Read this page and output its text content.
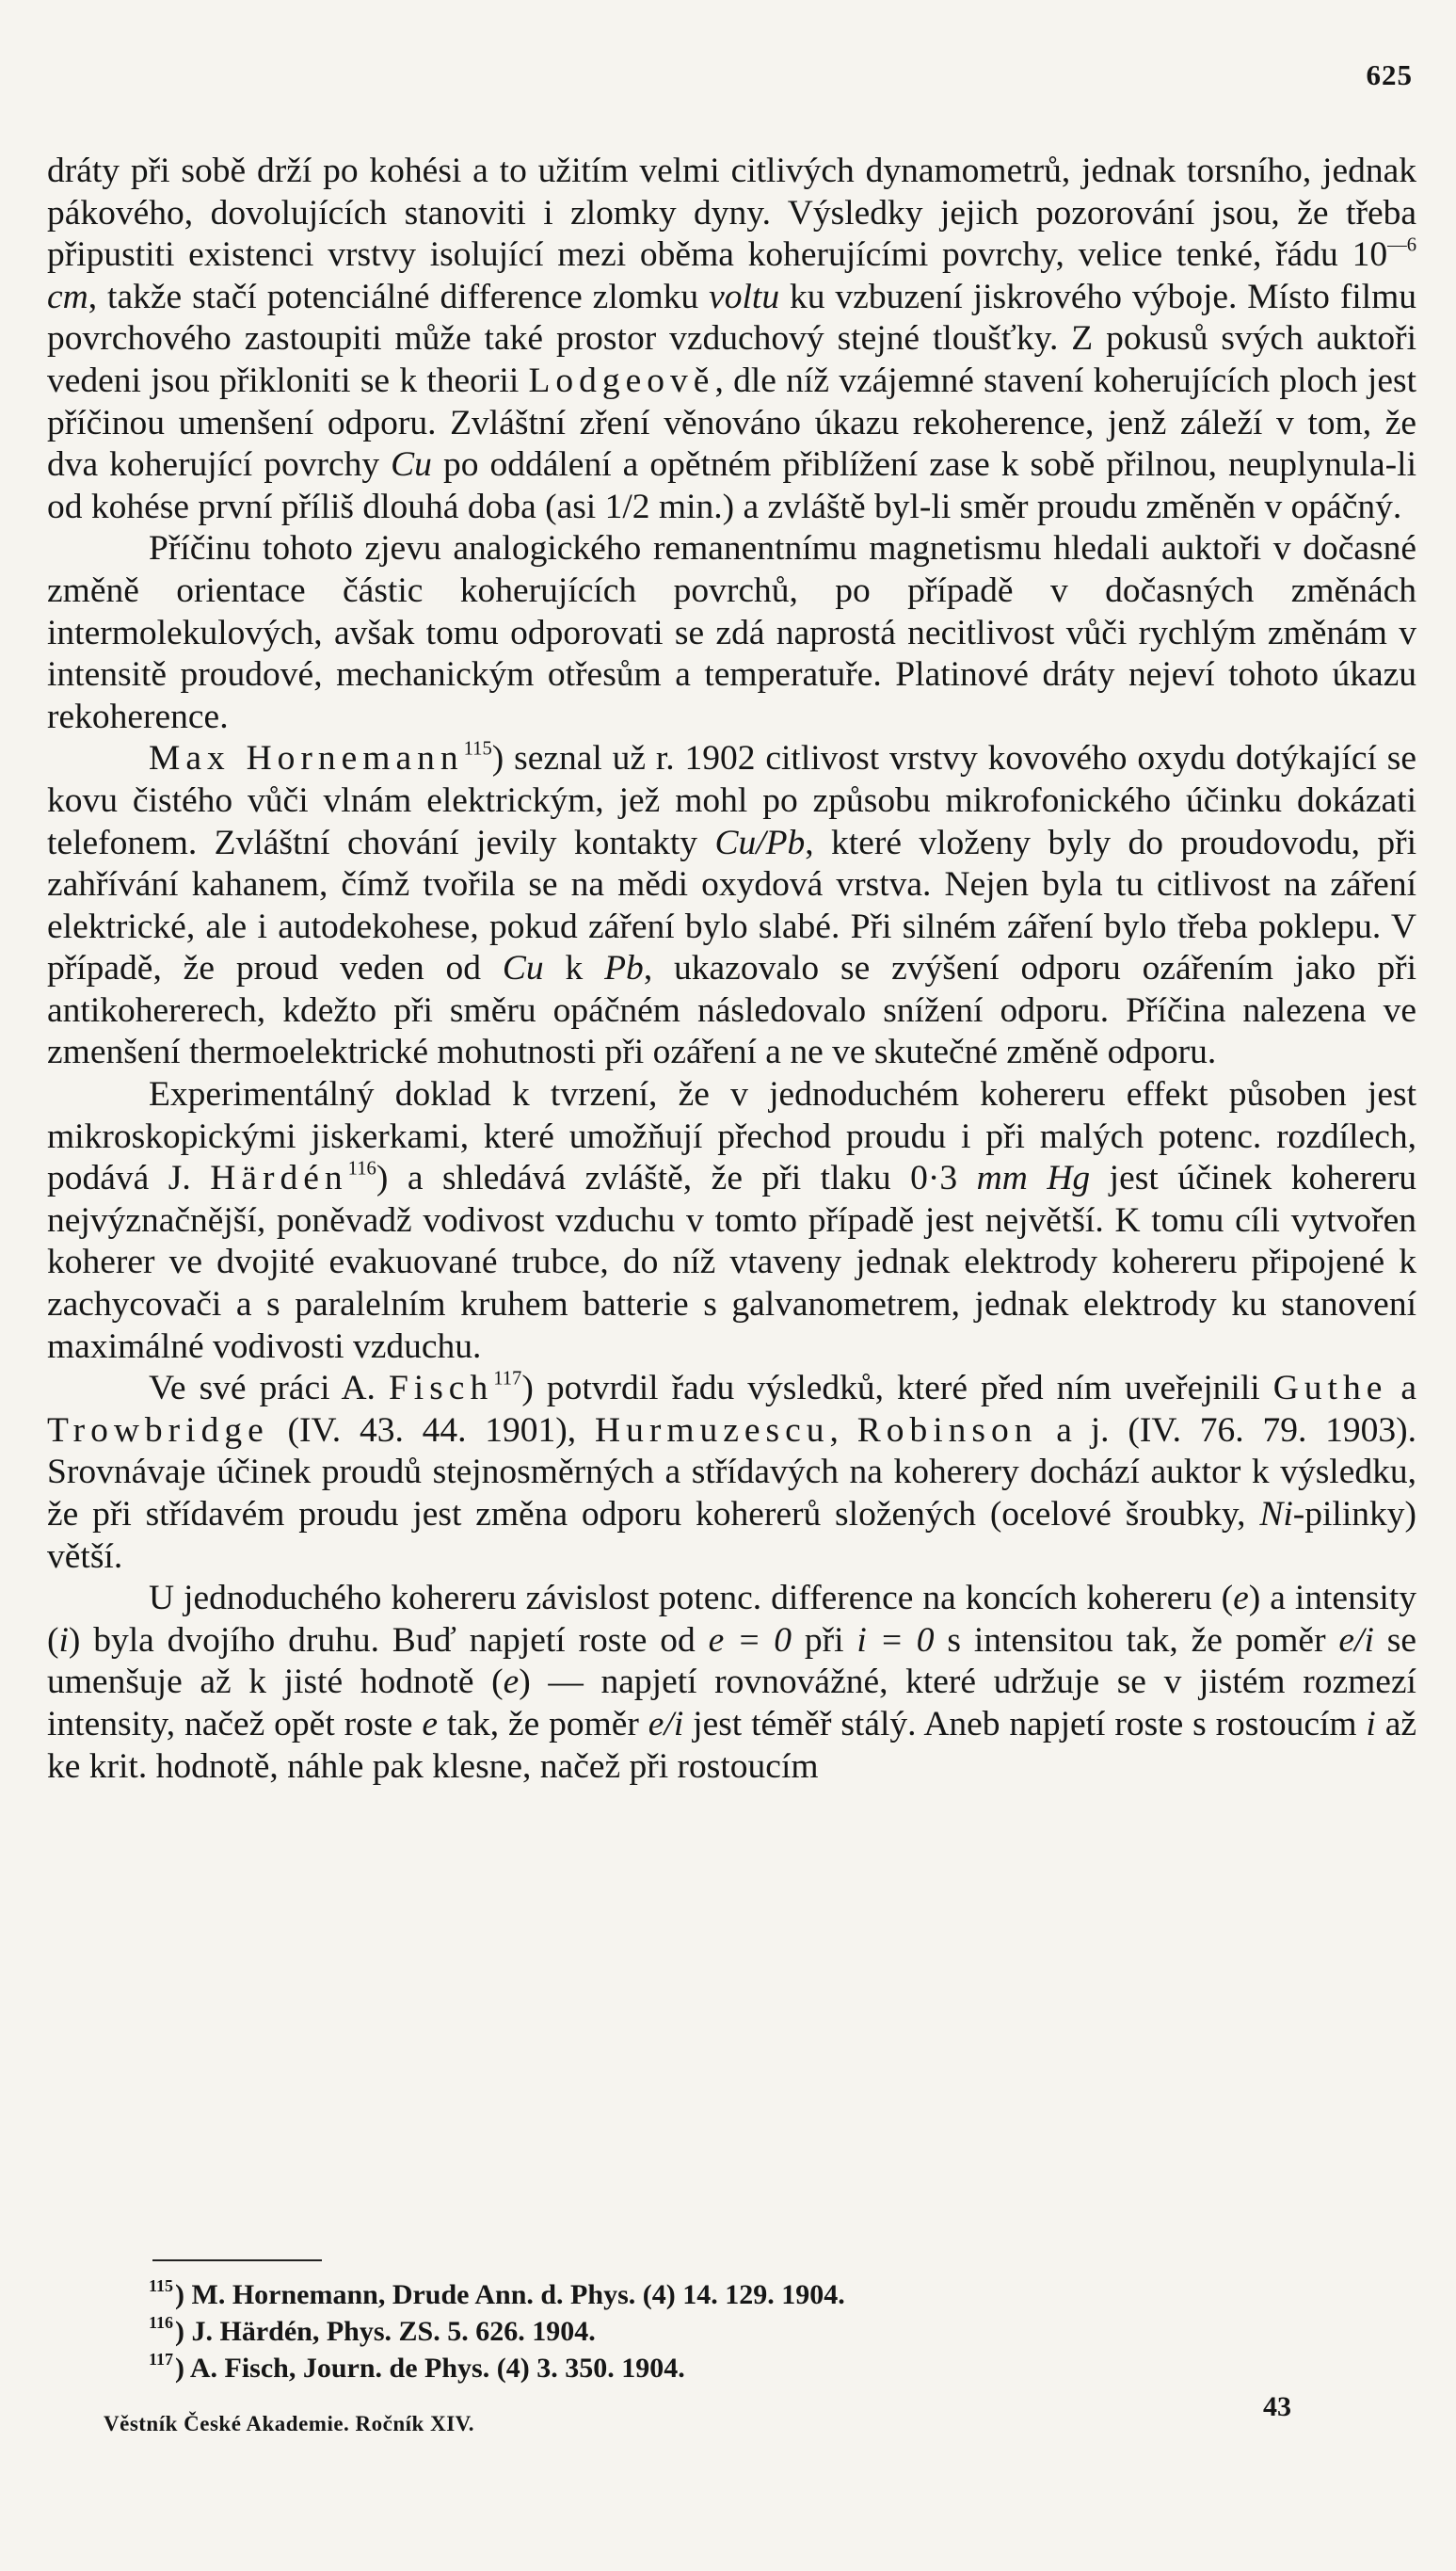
625

dráty při sobě drží po kohési a to užitím velmi citlivých dynamometrů, jednak torsního, jednak pákového, dovolujících stanoviti i zlomky dyny. Výsledky jejich pozorování jsou, že třeba připustiti existenci vrstvy isolující mezi oběma koherujícími povrchy, velice tenké, řádu 10$^{—6}$ cm, takže stačí potenciálné difference zlomku voltu ku vzbuzení jiskrového výboje. Místo filmu povrchového zastoupiti může také prostor vzduchový stejné tloušťky. Z pokusů svých auktoři vedeni jsou přikloniti se k theorii Lodgeově, dle níž vzájemné stavení koherujících ploch jest příčinou umenšení odporu. Zvláštní zření věnováno úkazu rekoherence, jenž záleží v tom, že dva koherující povrchy Cu po oddálení a opětném přiblížení zase k sobě přilnou, neuplynula-li od kohése první příliš dlouhá doba (asi 1/2 min.) a zvláště byl-li směr proudu změněn v opáčný.

Příčinu tohoto zjevu analogického remanentnímu magnetismu hledali auktoři v dočasné změně orientace částic koherujících povrchů, po případě v dočasných změnách intermolekulových, avšak tomu odporovati se zdá naprostá necitlivost vůči rychlým změnám v intensitě proudové, mechanickým otřesům a temperatuře. Platinové dráty nejeví tohoto úkazu rekoherence.

Max Hornemann$^{115}$) seznal už r. 1902 citlivost vrstvy kovového oxydu dotýkající se kovu čistého vůči vlnám elektrickým, jež mohl po způsobu mikrofonického účinku dokázati telefonem. Zvláštní chování jevily kontakty Cu/Pb, které vloženy byly do proudovodu, při zahřívání kahanem, čímž tvořila se na mědi oxydová vrstva. Nejen byla tu citlivost na záření elektrické, ale i autodekohese, pokud záření bylo slabé. Při silném záření bylo třeba poklepu. V případě, že proud veden od Cu k Pb, ukazovalo se zvýšení odporu ozářením jako při antikohererech, kdežto při směru opáčném následovalo snížení odporu. Příčina nalezena ve zmenšení thermoelektrické mohutnosti při ozáření a ne ve skutečné změně odporu.

Experimentálný doklad k tvrzení, že v jednoduchém kohereru effekt působen jest mikroskopickými jiskerkami, které umožňují přechod proudu i při malých potenc. rozdílech, podává J. Härdén$^{116}$) a shledává zvláště, že při tlaku 0·3 mm Hg jest účinek kohereru nejvýznačnější, poněvadž vodivost vzduchu v tomto případě jest největší. K tomu cíli vytvořen koherer ve dvojité evakuované trubce, do níž vtaveny jednak elektrody kohereru připojené k zachycovači a s paralelním kruhem batterie s galvanometrem, jednak elektrody ku stanovení maximálné vodivosti vzduchu.

Ve své práci A. Fisch$^{117}$) potvrdil řadu výsledků, které před ním uveřejnili Guthe a Trowbridge (IV. 43. 44. 1901), Hurmuzescu, Robinson a j. (IV. 76. 79. 1903). Srovnávaje účinek proudů stejnosměrných a střídavých na koherery dochází auktor k výsledku, že při střídavém proudu jest změna odporu kohererů složených (ocelové šroubky, Ni-pilinky) větší.

U jednoduchého kohereru závislost potenc. difference na koncích kohereru (e) a intensity (i) byla dvojího druhu. Buď napjetí roste od e = 0 při i = 0 s intensitou tak, že poměr e/i se umenšuje až k jisté hodnotě (e) — napjetí rovnovážné, které udržuje se v jistém rozmezí intensity, načež opět roste e tak, že poměr e/i jest téměř stálý. Aneb napjetí roste s rostoucím i až ke krit. hodnotě, náhle pak klesne, načež při rostoucím

$^{115}$) M. Hornemann, Drude Ann. d. Phys. (4) 14. 129. 1904.
$^{116}$) J. Härdén, Phys. ZS. 5. 626. 1904.
$^{117}$) A. Fisch, Journ. de Phys. (4) 3. 350. 1904.
Věstník České Akademie. Ročník XIV.
43
